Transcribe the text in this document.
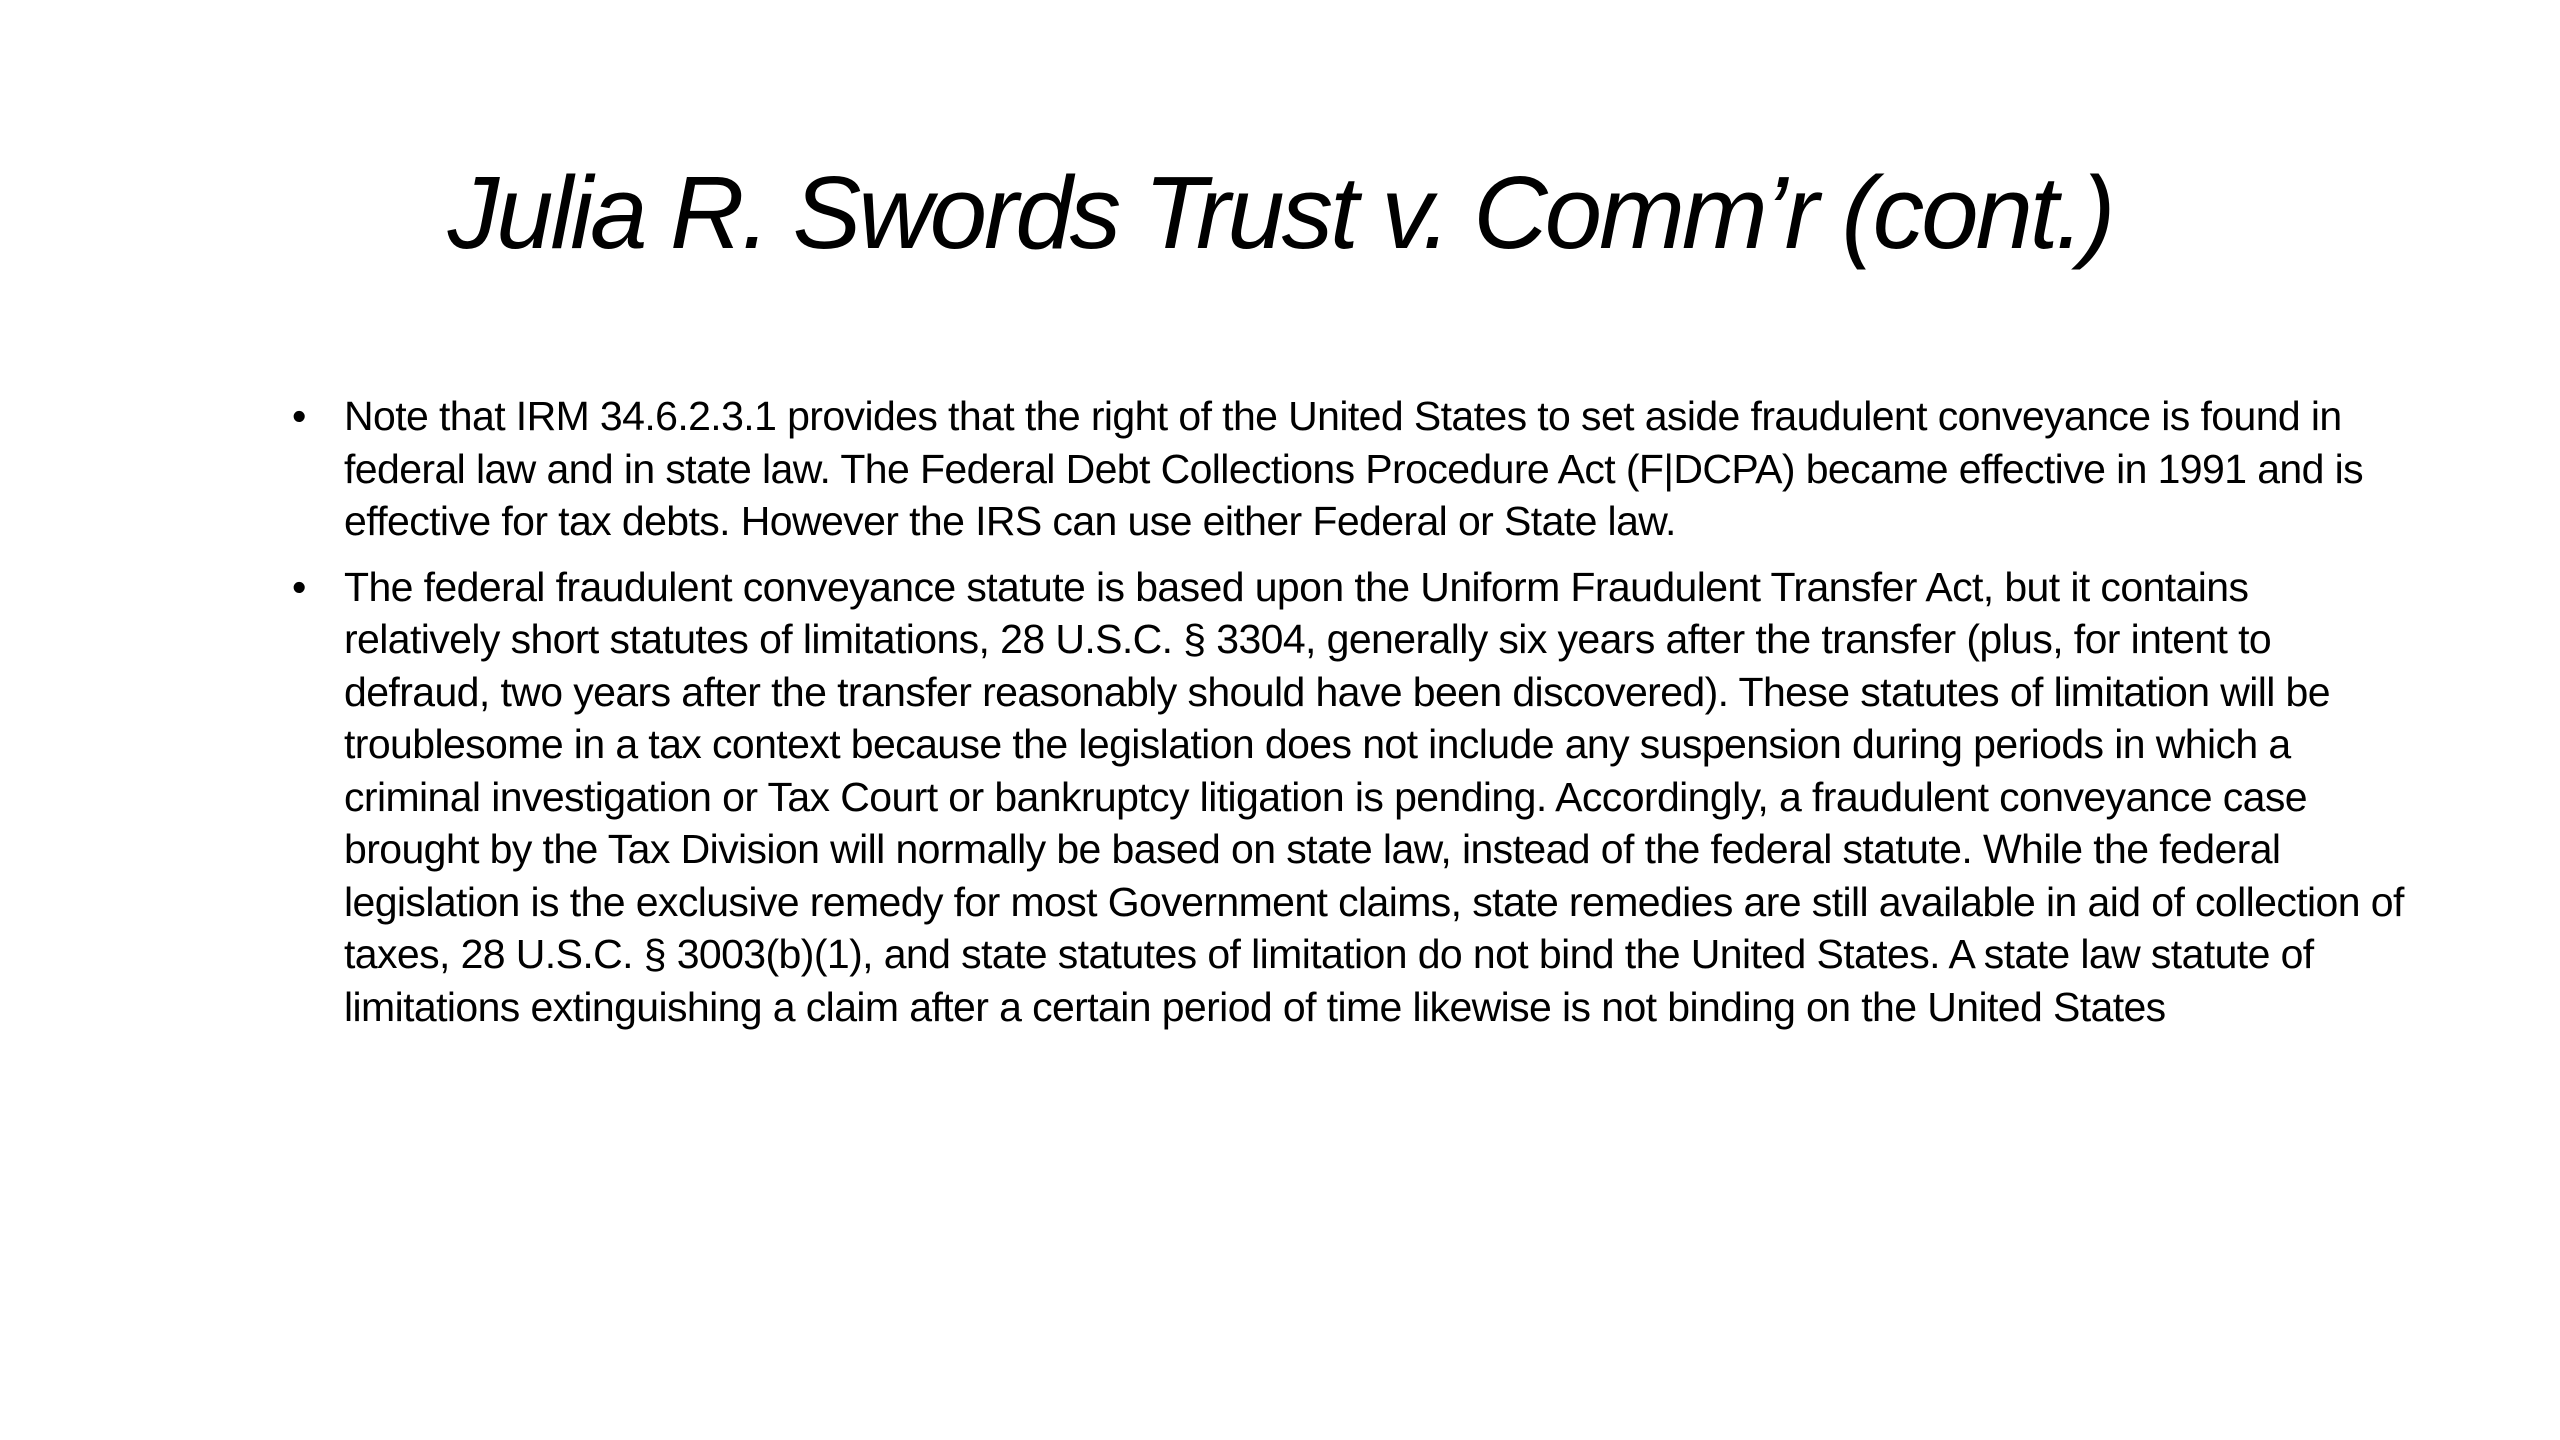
Julia R. Swords Trust v. Comm’r (cont.)
• Note that IRM 34.6.2.3.1 provides that the right of the United States to set aside fraudulent conveyance is found in federal law and in state law. The Federal Debt Collections Procedure Act (F|DCPA) became effective in 1991 and is effective for tax debts. However the IRS can use either Federal or State law.
• The federal fraudulent conveyance statute is based upon the Uniform Fraudulent Transfer Act, but it contains relatively short statutes of limitations, 28 U.S.C. § 3304, generally six years after the transfer (plus, for intent to defraud, two years after the transfer reasonably should have been discovered). These statutes of limitation will be troublesome in a tax context because the legislation does not include any suspension during periods in which a criminal investigation or Tax Court or bankruptcy litigation is pending. Accordingly, a fraudulent conveyance case brought by the Tax Division will normally be based on state law, instead of the federal statute. While the federal legislation is the exclusive remedy for most Government claims, state remedies are still available in aid of collection of taxes, 28 U.S.C. § 3003(b)(1), and state statutes of limitation do not bind the United States. A state law statute of limitations extinguishing a claim after a certain period of time likewise is not binding on the United States
